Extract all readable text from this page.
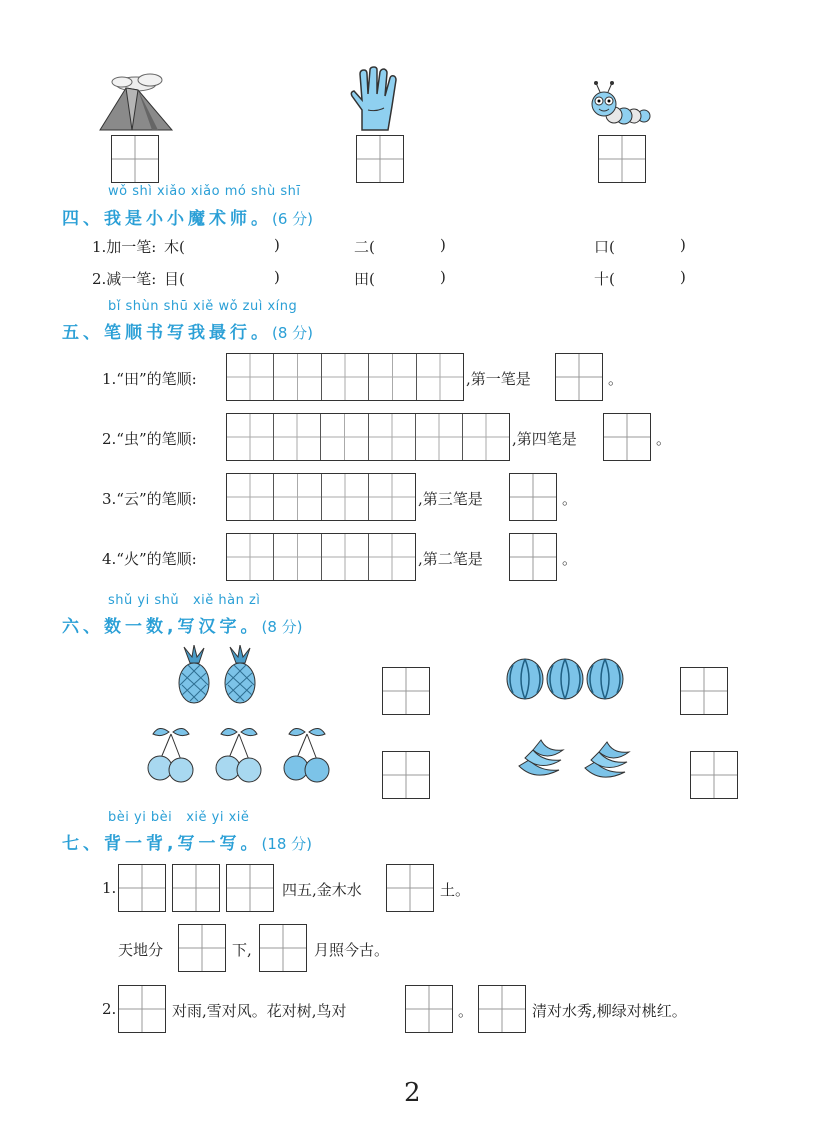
wǒ shì xiǎo xiǎo mó shù shī
四、我是小小魔术师。(6 分)
1.加一笔: 木(	)	二(	)	口(	)
2.减一笔: 目(	)	田(	)	十(	)
bǐ shùn shū xiě wǒ zuì xíng
五、笔顺书写我最行。(8 分)
1.“田”的笔顺:	,第一笔是	。
2.“虫”的笔顺:	,第四笔是	。
3.“云”的笔顺:	,第三笔是	。
4.“火”的笔顺:	,第二笔是	。
shǔ yi shǔ   xiě hàn zì
六、数一数,写汉字。(8 分)
bèi yi bèi   xiě yi xiě
七、背一背,写一写。(18 分)
1.	四五,金木水	土。
天地分	下,	月照今古。
2.	对雨,雪对风。花对树,鸟对	。	清对水秀,柳绿对桃红。
2
